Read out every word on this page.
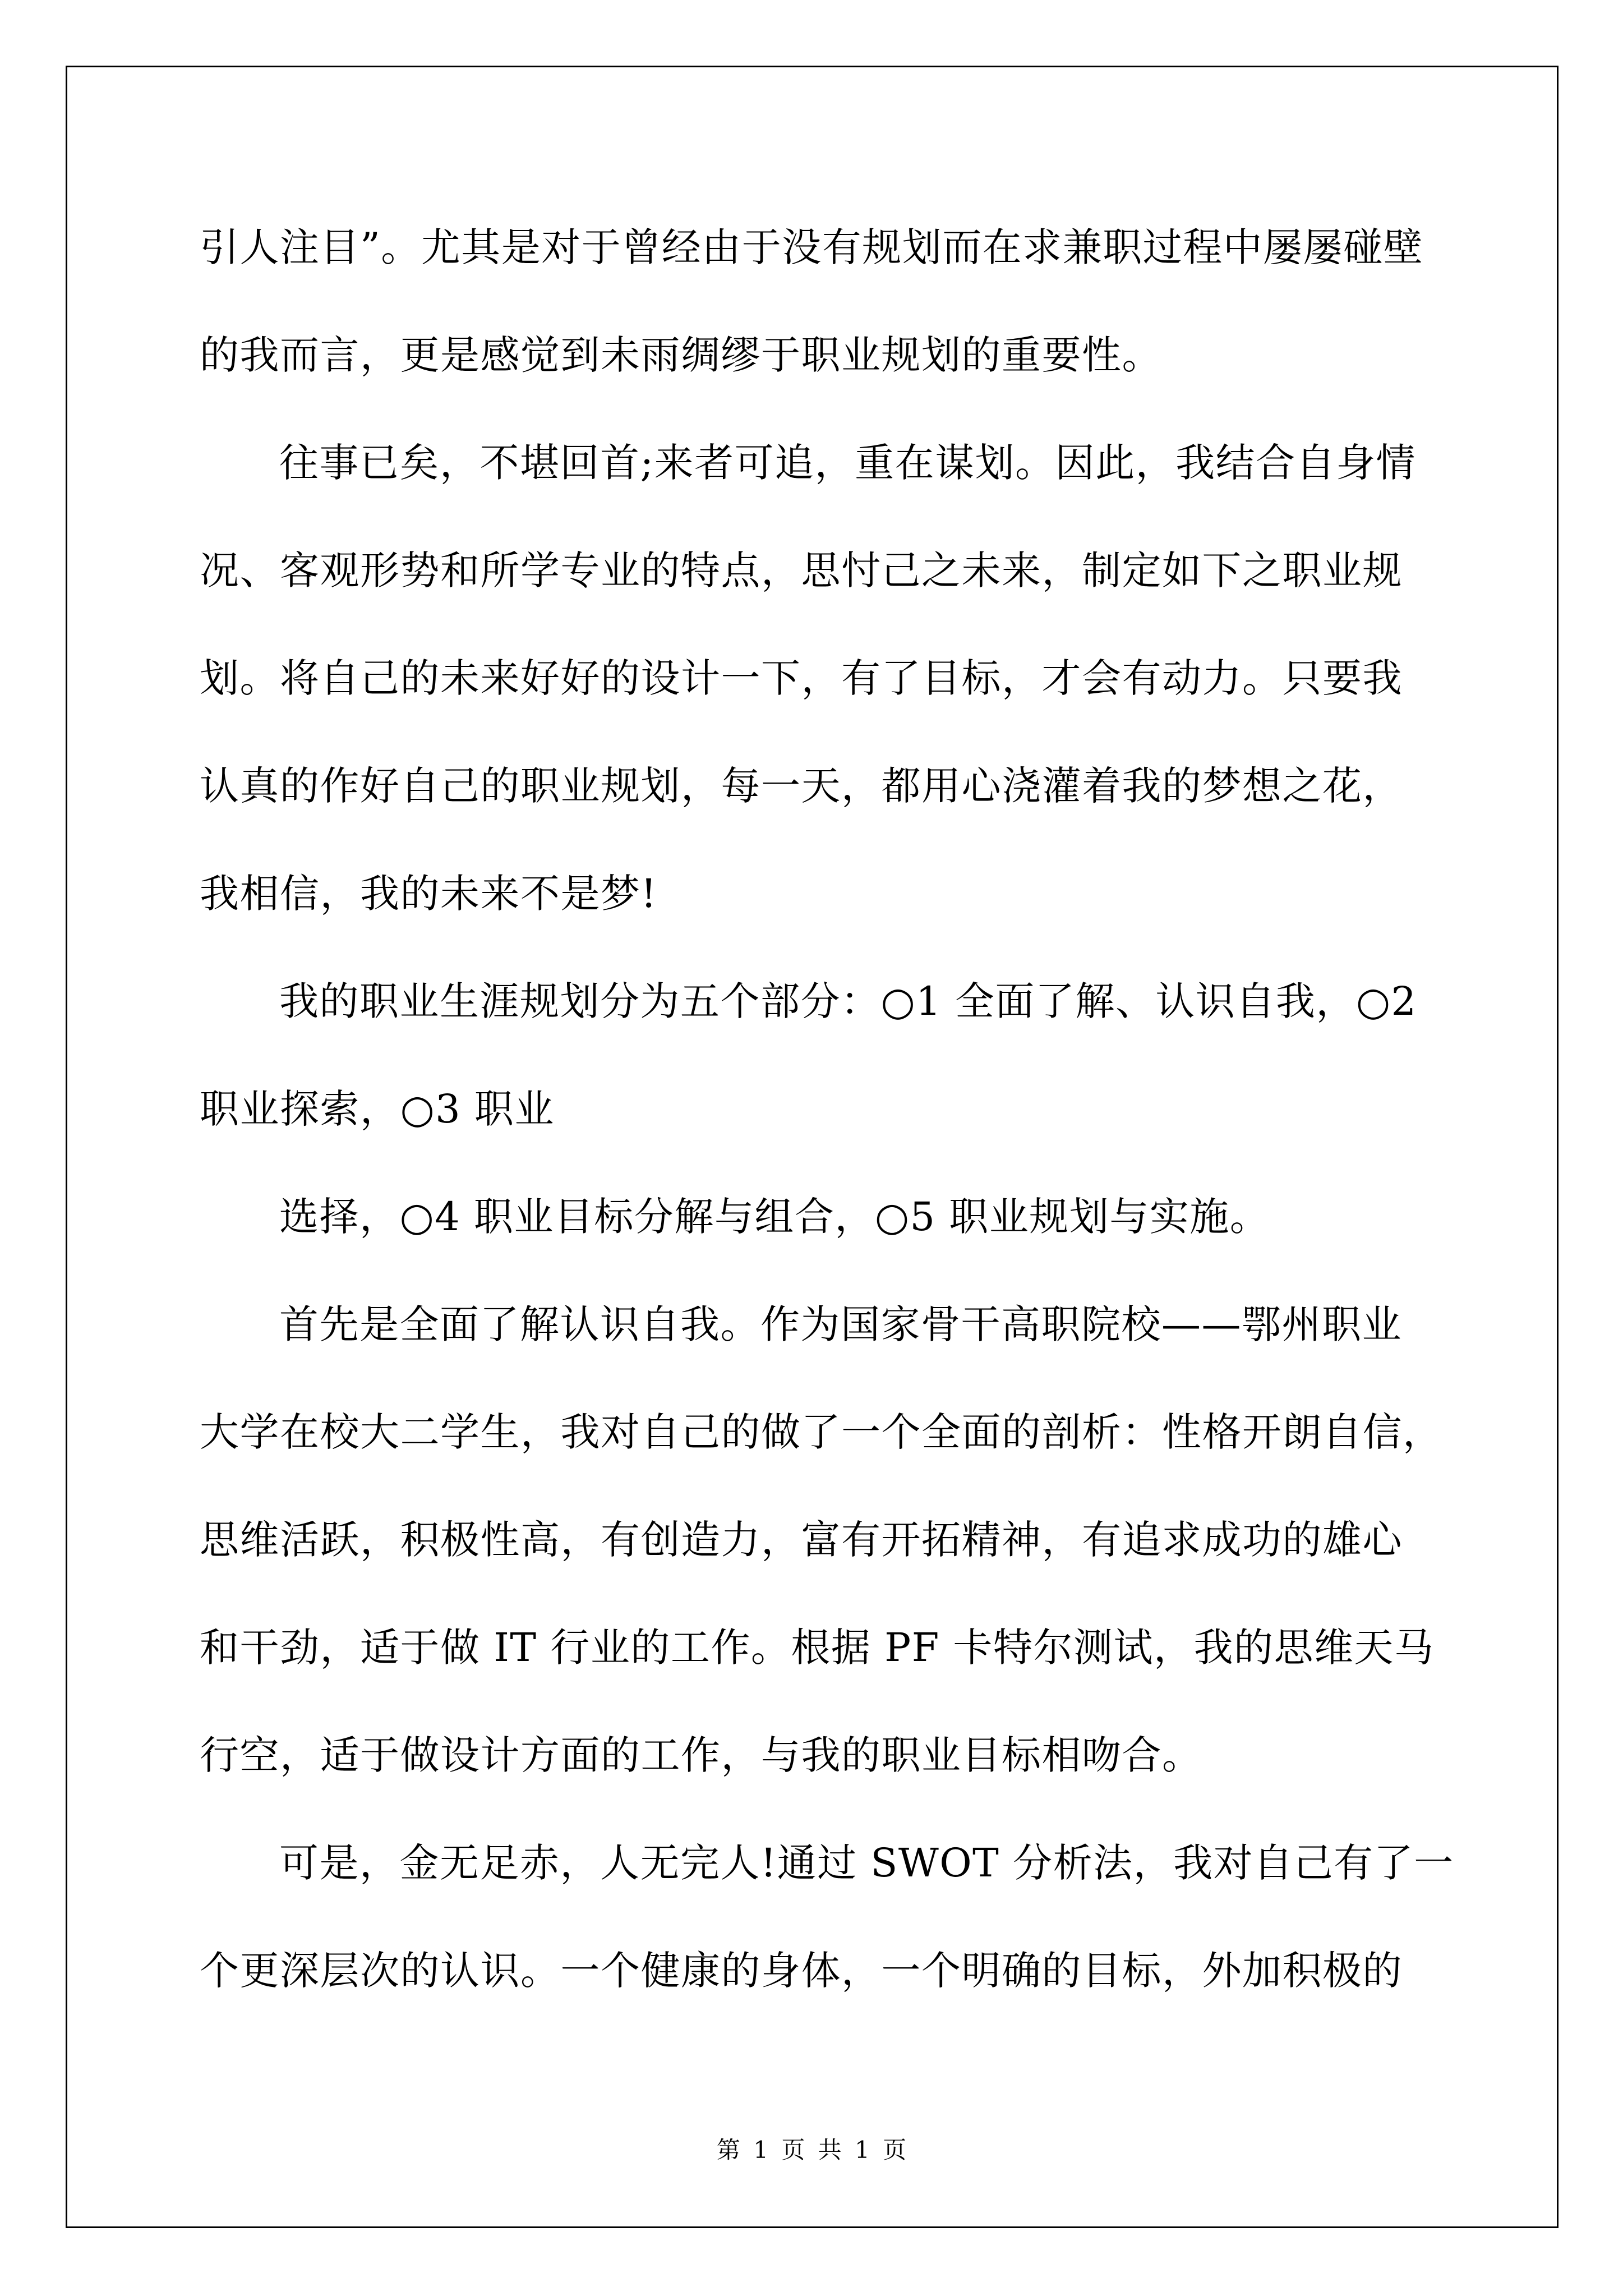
引人注目”。尤其是对于曾经由于没有规划而在求兼职过程中屡屡碰壁
的我而言，更是感觉到未雨绸缪于职业规划的重要性。
往事已矣，不堪回首;来者可追，重在谋划。因此，我结合自身情
况、客观形势和所学专业的特点，思忖己之未来，制定如下之职业规
划。将自己的未来好好的设计一下，有了目标，才会有动力。只要我
认真的作好自己的职业规划，每一天，都用心浇灌着我的梦想之花，
我相信，我的未来不是梦!
我的职业生涯规划分为五个部分：○1 全面了解、认识自我，○2
职业探索，○3 职业
选择，○4 职业目标分解与组合，○5 职业规划与实施。
首先是全面了解认识自我。作为国家骨干高职院校——鄂州职业
大学在校大二学生，我对自己的做了一个全面的剖析：性格开朗自信，
思维活跃，积极性高，有创造力，富有开拓精神，有追求成功的雄心
和干劲，适于做 IT 行业的工作。根据 PF 卡特尔测试，我的思维天马
行空，适于做设计方面的工作，与我的职业目标相吻合。
可是，金无足赤，人无完人!通过 SWOT 分析法，我对自己有了一
个更深层次的认识。一个健康的身体，一个明确的目标，外加积极的
第 1 页 共 1 页
